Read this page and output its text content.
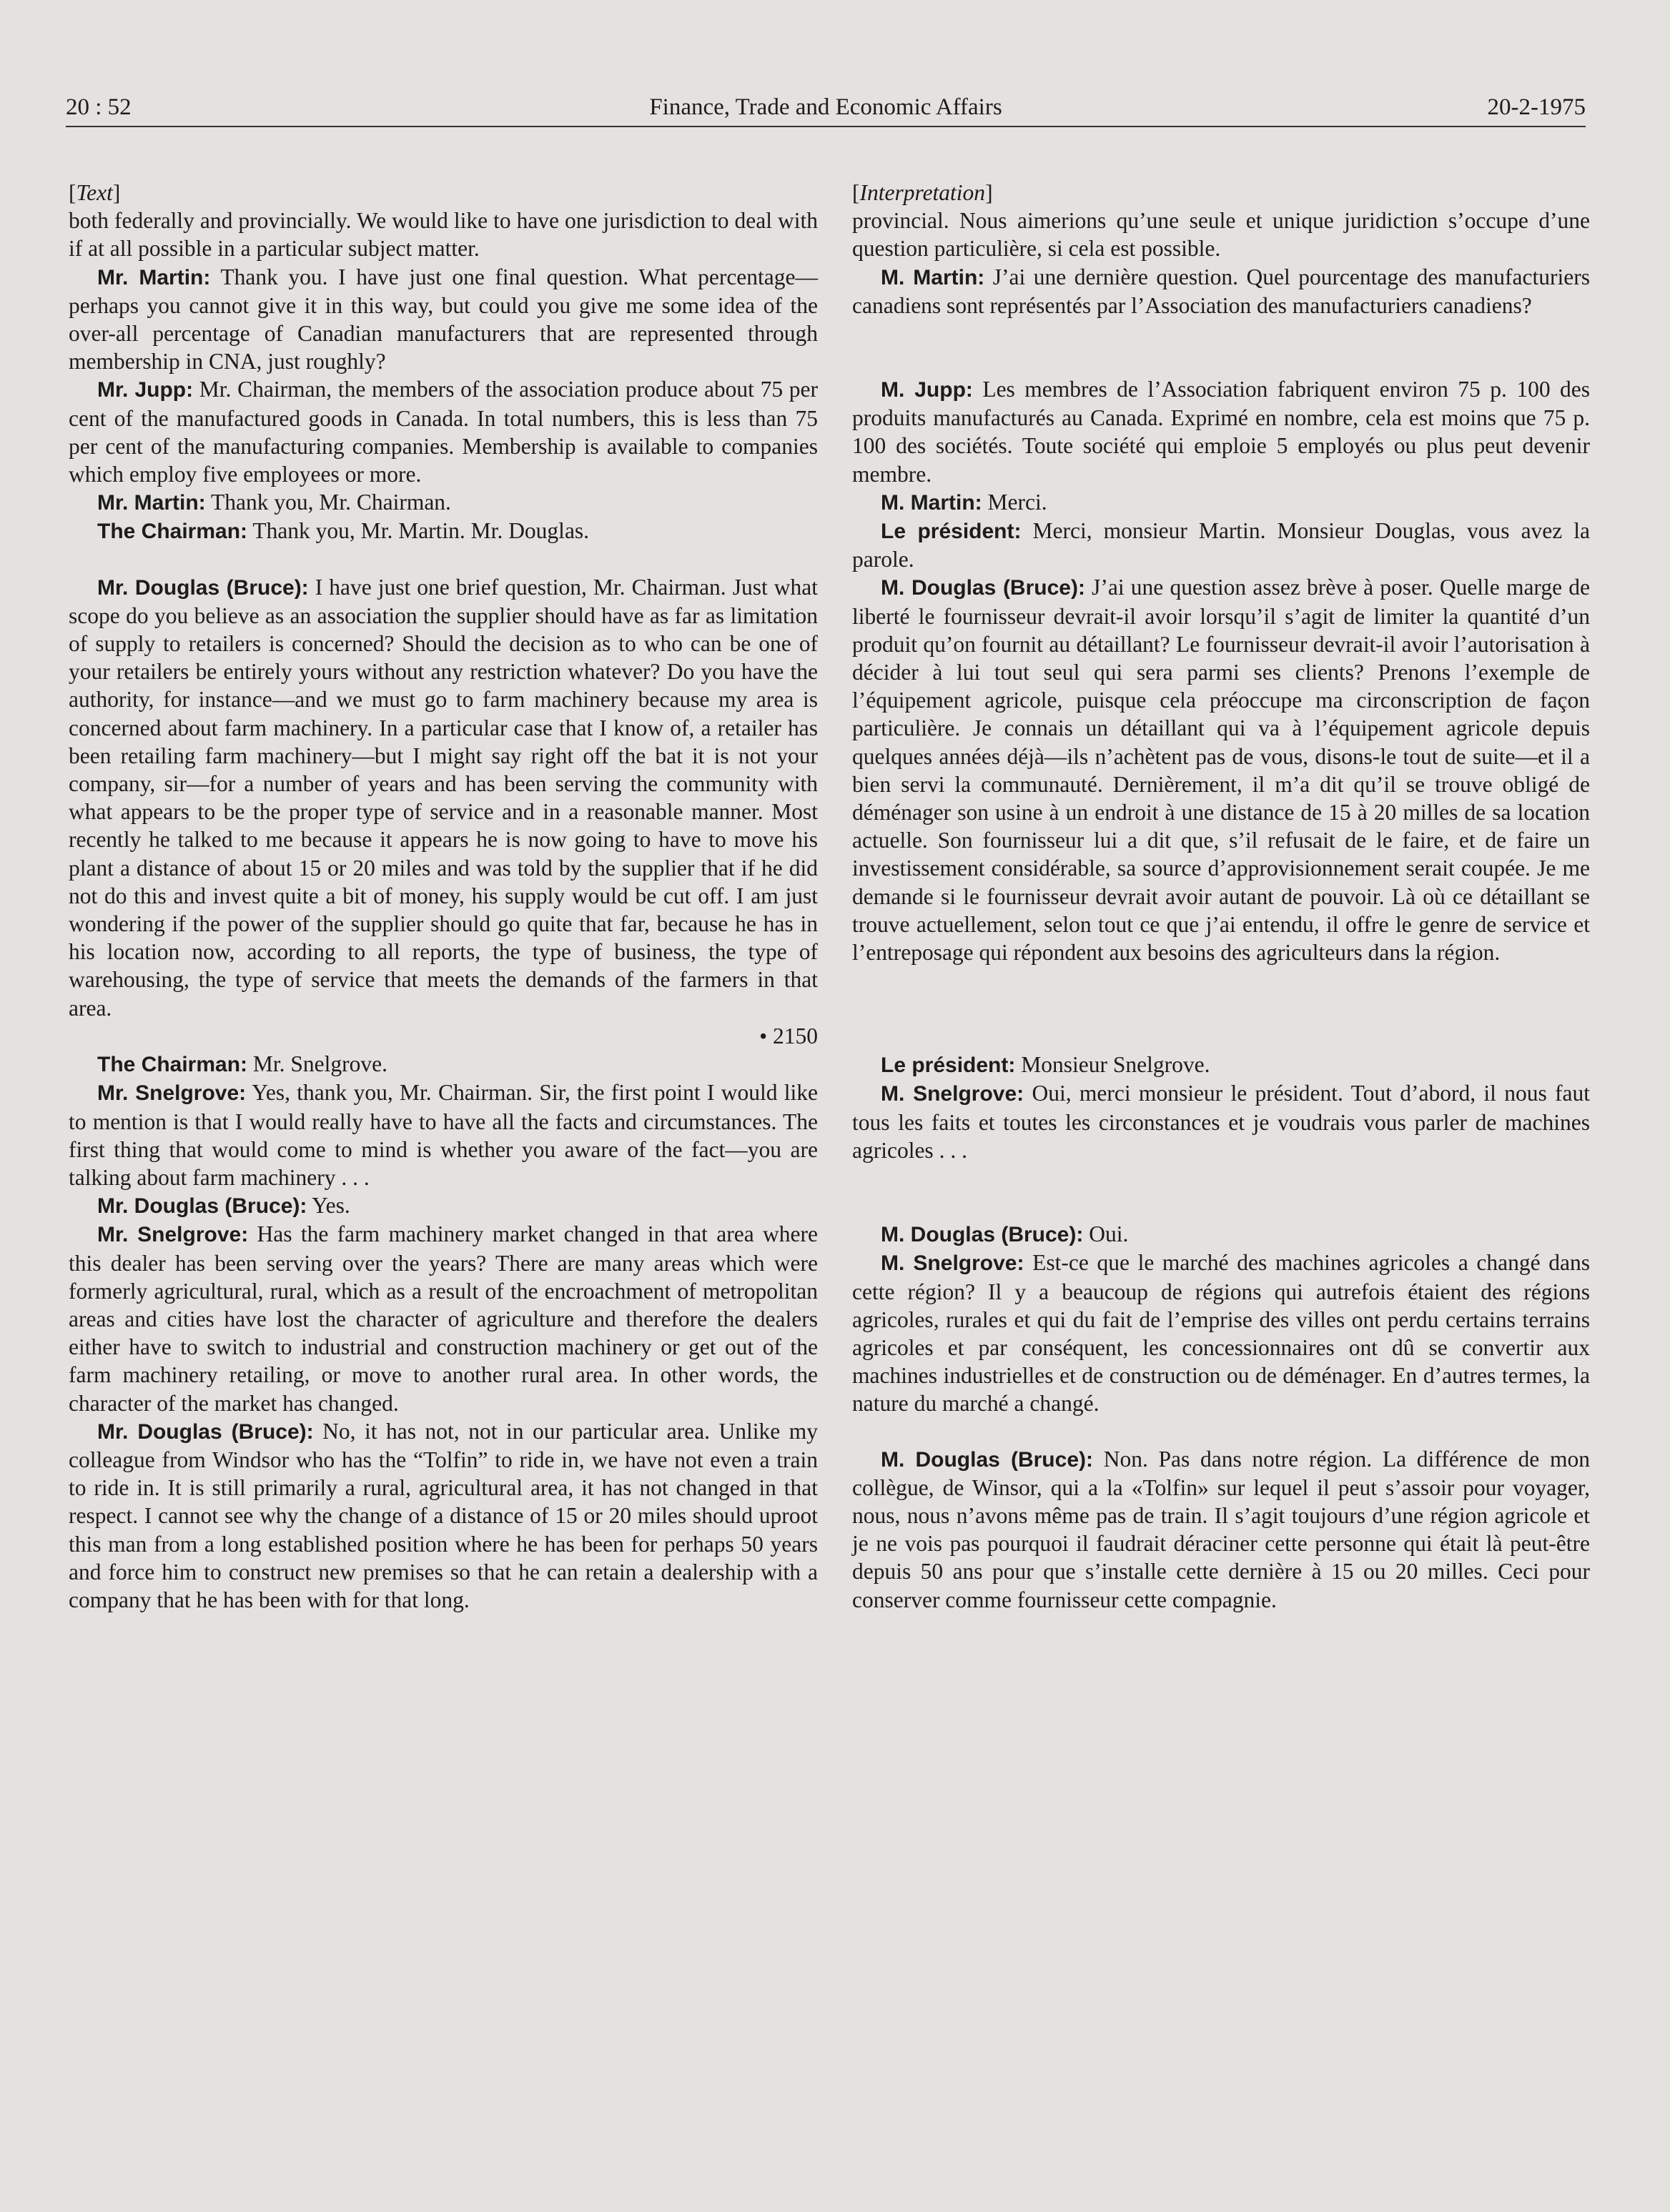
20 : 52	Finance, Trade and Economic Affairs	20-2-1975
[ Text ]

both federally and provincially. We would like to have one jurisdiction to deal with if at all possible in a particular subject matter.

Mr. Martin: Thank you. I have just one final question. What percentage—perhaps you cannot give it in this way, but could you give me some idea of the over-all percentage of Canadian manufacturers that are represented through membership in CNA, just roughly?

Mr. Jupp: Mr. Chairman, the members of the association produce about 75 per cent of the manufactured goods in Canada. In total numbers, this is less than 75 per cent of the manufacturing companies. Membership is available to companies which employ five employees or more.

Mr. Martin: Thank you, Mr. Chairman.

The Chairman: Thank you, Mr. Martin. Mr. Douglas.

Mr. Douglas (Bruce): I have just one brief question, Mr. Chairman. Just what scope do you believe as an association the supplier should have as far as limitation of supply to retailers is concerned? Should the decision as to who can be one of your retailers be entirely yours without any restriction whatever? Do you have the authority, for instance—and we must go to farm machinery because my area is concerned about farm machinery. In a particular case that I know of, a retailer has been retailing farm machinery—but I might say right off the bat it is not your company, sir—for a number of years and has been serving the community with what appears to be the proper type of service and in a reasonable manner. Most recently he talked to me because it appears he is now going to have to move his plant a distance of about 15 or 20 miles and was told by the supplier that if he did not do this and invest quite a bit of money, his supply would be cut off. I am just wondering if the power of the supplier should go quite that far, because he has in his location now, according to all reports, the type of business, the type of warehousing, the type of service that meets the demands of the farmers in that area.

• 2150

The Chairman: Mr. Snelgrove.

Mr. Snelgrove: Yes, thank you, Mr. Chairman. Sir, the first point I would like to mention is that I would really have to have all the facts and circumstances. The first thing that would come to mind is whether you aware of the fact—you are talking about farm machinery . . .

Mr. Douglas (Bruce): Yes.

Mr. Snelgrove: Has the farm machinery market changed in that area where this dealer has been serving over the years? There are many areas which were formerly agricultural, rural, which as a result of the encroachment of metropolitan areas and cities have lost the character of agriculture and therefore the dealers either have to switch to industrial and construction machinery or get out of the farm machinery retailing, or move to another rural area. In other words, the character of the market has changed.

Mr. Douglas (Bruce): No, it has not, not in our particular area. Unlike my colleague from Windsor who has the “Tolfin” to ride in, we have not even a train to ride in. It is still primarily a rural, agricultural area, it has not changed in that respect. I cannot see why the change of a distance of 15 or 20 miles should uproot this man from a long established position where he has been for perhaps 50 years and force him to construct new premises so that he can retain a dealership with a company that he has been with for that long.

[ Interpretation ]

provincial. Nous aimerions qu’une seule et unique juridiction s’occupe d’une question particulière, si cela est possible.

M. Martin: J’ai une dernière question. Quel pourcentage des manufacturiers canadiens sont représentés par l’Association des manufacturiers canadiens?

M. Jupp: Les membres de l’Association fabriquent environ 75 p. 100 des produits manufacturés au Canada. Exprimé en nombre, cela est moins que 75 p. 100 des sociétés. Toute société qui emploie 5 employés ou plus peut devenir membre.

M. Martin: Merci.

Le président: Merci, monsieur Martin. Monsieur Douglas, vous avez la parole.

M. Douglas (Bruce): J’ai une question assez brève à poser. Quelle marge de liberté le fournisseur devrait-il avoir lorsqu’il s’agit de limiter la quantité d’un produit qu’on fournit au détaillant? Le fournisseur devrait-il avoir l’autorisation à décider à lui tout seul qui sera parmi ses clients? Prenons l’exemple de l’équipement agricole, puisque cela préoccupe ma circonscription de façon particulière. Je connais un détaillant qui va à l’équipement agricole depuis quelques années déjà—ils n’achètent pas de vous, disons-le tout de suite—et il a bien servi la communauté. Dernièrement, il m’a dit qu’il se trouve obligé de déménager son usine à un endroit à une distance de 15 à 20 milles de sa location actuelle. Son fournisseur lui a dit que, s’il refusait de le faire, et de faire un investissement considérable, sa source d’approvisionnement serait coupée. Je me demande si le fournisseur devrait avoir autant de pouvoir. Là où ce détaillant se trouve actuellement, selon tout ce que j’ai entendu, il offre le genre de service et l’entreposage qui répondent aux besoins des agriculteurs dans la région.

Le président: Monsieur Snelgrove.

M. Snelgrove: Oui, merci monsieur le président. Tout d’abord, il nous faut tous les faits et toutes les circonstances et je voudrais vous parler de machines agricoles . . .

M. Douglas (Bruce): Oui.

M. Snelgrove: Est-ce que le marché des machines agricoles a changé dans cette région? Il y a beaucoup de régions qui autrefois étaient des régions agricoles, rurales et qui du fait de l’emprise des villes ont perdu certains terrains agricoles et par conséquent, les concessionnaires ont dû se convertir aux machines industrielles et de construction ou de déménager. En d’autres termes, la nature du marché a changé.

M. Douglas (Bruce): Non. Pas dans notre région. La différence de mon collègue, de Winsor, qui a la «Tolfin» sur lequel il peut s’assoir pour voyager, nous, nous n’avons même pas de train. Il s’agit toujours d’une région agricole et je ne vois pas pourquoi il faudrait déraciner cette personne qui était là peut-être depuis 50 ans pour que s’installe cette dernière à 15 ou 20 milles. Ceci pour conserver comme fournisseur cette compagnie.
